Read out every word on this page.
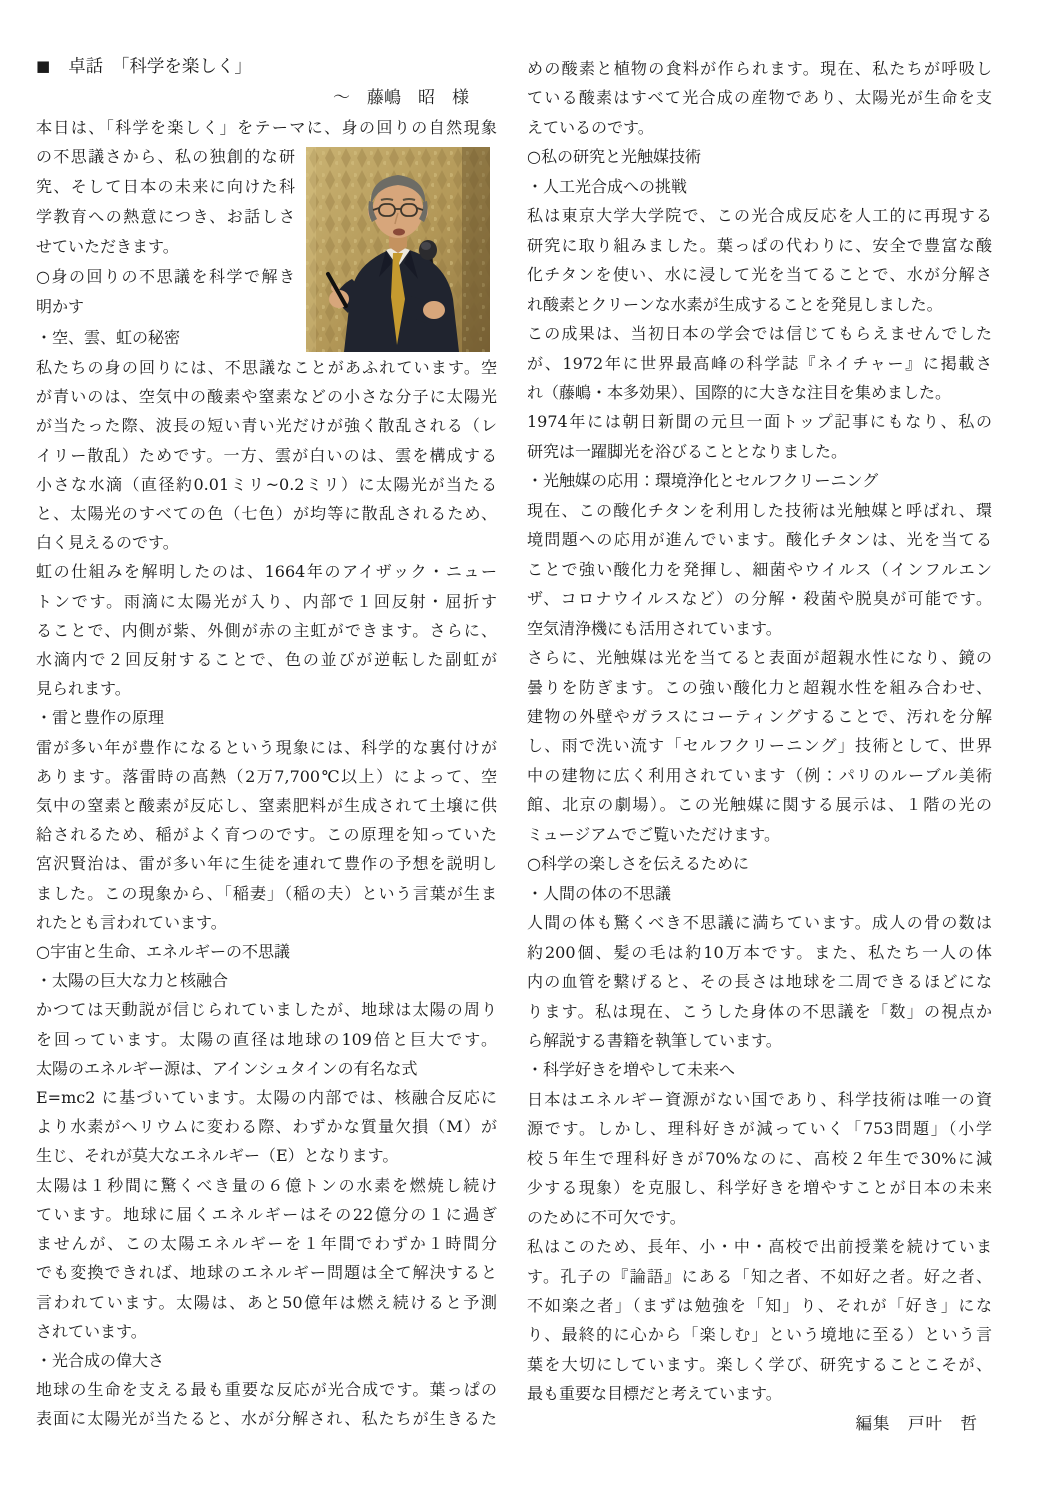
■ 卓話　「科学を楽しく」
～　藤嶋　昭　様
本日は、「科学を楽しく」をテーマに、身の回りの自然現象
の不思議さから、私の独創的な研
究、そして日本の未来に向けた科
学教育への熱意につき、お話しさ
せていただきます。
○身の回りの不思議を科学で解き
明かす
・空、雲、虹の秘密
私たちの身の回りには、不思議なことがあふれています。空
が青いのは、空気中の酸素や窒素などの小さな分子に太陽光
が当たった際、波長の短い青い光だけが強く散乱される（レ
イリー散乱）ためです。一方、雲が白いのは、雲を構成する
小さな水滴（直径約0.01ミリ~0.2ミリ）に太陽光が当たる
と、太陽光のすべての色（七色）が均等に散乱されるため、
白く見えるのです。
虹の仕組みを解明したのは、1664年のアイザック・ニュー
トンです。雨滴に太陽光が入り、内部で１回反射・屈折す
ることで、内側が紫、外側が赤の主虹ができます。さらに、
水滴内で２回反射することで、色の並びが逆転した副虹が
見られます。
・雷と豊作の原理
雷が多い年が豊作になるという現象には、科学的な裏付けが
あります。落雷時の高熱（2万7,700℃以上）によって、空
気中の窒素と酸素が反応し、窒素肥料が生成されて土壌に供
給されるため、稲がよく育つのです。この原理を知っていた
宮沢賢治は、雷が多い年に生徒を連れて豊作の予想を説明し
ました。この現象から、「稲妻」（稲の夫）という言葉が生ま
れたとも言われています。
○宇宙と生命、エネルギーの不思議
・太陽の巨大な力と核融合
かつては天動説が信じられていましたが、地球は太陽の周り
を回っています。太陽の直径は地球の109倍と巨大です。
太陽のエネルギー源は、アインシュタインの有名な式
E=mc2 に基づいています。太陽の内部では、核融合反応に
より水素がヘリウムに変わる際、わずかな質量欠損（M）が
生じ、それが莫大なエネルギー（E）となります。
太陽は１秒間に驚くべき量の６億トンの水素を燃焼し続け
ています。地球に届くエネルギーはその22億分の１に過ぎ
ませんが、この太陽エネルギーを１年間でわずか１時間分
でも変換できれば、地球のエネルギー問題は全て解決すると
言われています。太陽は、あと50億年は燃え続けると予測
されています。
・光合成の偉大さ
地球の生命を支える最も重要な反応が光合成です。葉っぱの
表面に太陽光が当たると、水が分解され、私たちが生きるた
めの酸素と植物の食料が作られます。現在、私たちが呼吸し
ている酸素はすべて光合成の産物であり、太陽光が生命を支
えているのです。
○私の研究と光触媒技術
・人工光合成への挑戦
私は東京大学大学院で、この光合成反応を人工的に再現する
研究に取り組みました。葉っぱの代わりに、安全で豊富な酸
化チタンを使い、水に浸して光を当てることで、水が分解さ
れ酸素とクリーンな水素が生成することを発見しました。
この成果は、当初日本の学会では信じてもらえませんでした
が、1972年に世界最高峰の科学誌『ネイチャー』に掲載さ
れ（藤嶋・本多効果）、国際的に大きな注目を集めました。
1974年には朝日新聞の元旦一面トップ記事にもなり、私の
研究は一躍脚光を浴びることとなりました。
・光触媒の応用：環境浄化とセルフクリーニング
現在、この酸化チタンを利用した技術は光触媒と呼ばれ、環
境問題への応用が進んでいます。酸化チタンは、光を当てる
ことで強い酸化力を発揮し、細菌やウイルス（インフルエン
ザ、コロナウイルスなど）の分解・殺菌や脱臭が可能です。
空気清浄機にも活用されています。
さらに、光触媒は光を当てると表面が超親水性になり、鏡の
曇りを防ぎます。この強い酸化力と超親水性を組み合わせ、
建物の外壁やガラスにコーティングすることで、汚れを分解
し、雨で洗い流す「セルフクリーニング」技術として、世界
中の建物に広く利用されています（例：パリのルーブル美術
館、北京の劇場）。この光触媒に関する展示は、１階の光の
ミュージアムでご覧いただけます。
○科学の楽しさを伝えるために
・人間の体の不思議
人間の体も驚くべき不思議に満ちています。成人の骨の数は
約200個、髪の毛は約10万本です。また、私たち一人の体
内の血管を繋げると、その長さは地球を二周できるほどにな
ります。私は現在、こうした身体の不思議を「数」の視点か
ら解説する書籍を執筆しています。
・科学好きを増やして未来へ
日本はエネルギー資源がない国であり、科学技術は唯一の資
源です。しかし、理科好きが減っていく「753問題」（小学
校５年生で理科好きが70%なのに、高校２年生で30%に減
少する現象）を克服し、科学好きを増やすことが日本の未来
のために不可欠です。
私はこのため、長年、小・中・高校で出前授業を続けていま
す。孔子の『論語』にある「知之者、不如好之者。好之者、
不如楽之者」（まずは勉強を「知」り、それが「好き」にな
り、最終的に心から「楽しむ」という境地に至る）という言
葉を大切にしています。楽しく学び、研究することこそが、
最も重要な目標だと考えています。
編集　戸叶　哲
